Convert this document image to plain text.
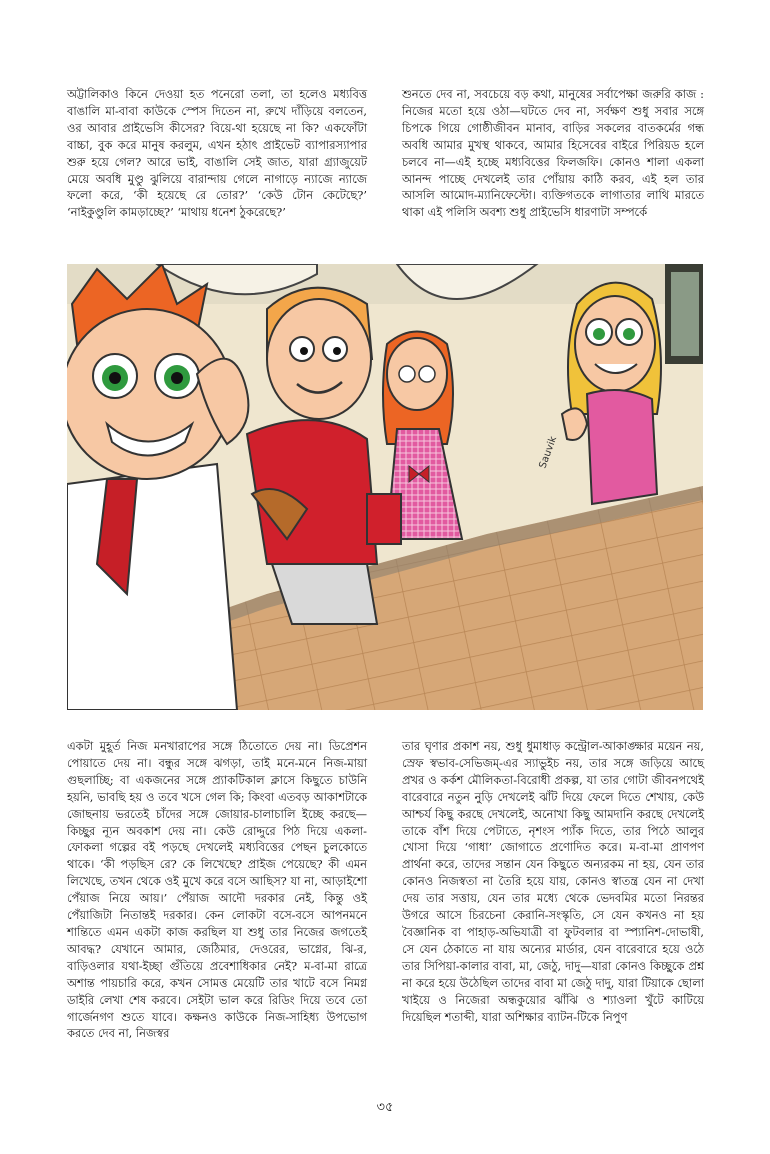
অট্টালিকাও কিনে দেওয়া হত পনেরো তলা, তা হলেও মধ্যবিত্ত বাঙালি মা-বাবা কাউকে স্পেস দিতেন না, রুখে দাঁড়িয়ে বলতেন, ওর আবার প্রাইভেসি কীসের? বিয়ে-থা হয়েছে না কি? একফোঁটা বাচ্চা, বুক করে মানুষ করলুম, এখন হঠাৎ প্রাইভেট ব্যাপারস্যাপার শুরু হয়ে গেল? আরে ভাই, বাঙালি সেই জাত, যারা গ্র্যাজুয়েট মেয়ে অবধি মুণ্ডু ঝুলিয়ে বারান্দায় গেলে নাগাড়ে ন্যাজে ন্যাজে ফলো করে, ‘কী হয়েছে রে তোর?’ ‘কেউ টোন কেটেছে?’ ‘নাইকুণ্ডুলি কামড়াচ্ছে?’ ‘মাথায় ধনেশ ঠুকরেছে?’

শুনতে দেব না, সবচেয়ে বড় কথা, মানুষের সর্বাপেক্ষা জরুরি কাজ : নিজের মতো হয়ে ওঠা—ঘটতে দেব না, সর্বক্ষণ শুধু সবার সঙ্গে চিপকে গিয়ে গোষ্ঠীজীবন মানাব, বাড়ির সকলের বাতকর্মের গন্ধ অবধি আমার মুখস্থ থাকবে, আমার হিসেবের বাইরে পিরিয়ড হলে চলবে না—এই হচ্ছে মধ্যবিত্তের ফিলজফি। কোনও শালা একলা আনন্দ পাচ্ছে দেখলেই তার পোঁয়ায় কাঠি করব, এই হল তার আসলি আমোদ-ম্যানিফেস্টো। ব্যক্তিগতকে লাগাতার লাথি মারতে থাকা এই পলিসি অবশ্য শুধু প্রাইভেসি ধারণাটা সম্পর্কে

Sauvik

একটা মুহূর্ত নিজ মনখারাপের সঙ্গে ঠিতোতে দেয় না। ডিপ্রেশন পোয়াতে দেয় না। বন্ধুর সঙ্গে ঝগড়া, তাই মনে-মনে নিজ-মায়া গুছলাচ্ছি; বা একজনের সঙ্গে প্র্যাকটিকাল ক্লাসে কিছুতে চাউনি হয়নি, ভাবছি হয় ও তবে খসে গেল কি; কিংবা এতবড় আকাশটাকে জোছনায় ভরতেই চাঁদের সঙ্গে জোয়ার-চালাচালি ইচ্ছে করছে—কিচ্ছুর ন্যূন অবকাশ দেয় না। কেউ রোদ্দুরে পিঠ দিয়ে একলা-ফোকলা গল্পের বই পড়ছে দেখলেই মধ্যবিত্তের পেছন চুলকোতে থাকে। ‘কী পড়ছিস রে? কে লিখেছে? প্রাইজ পেয়েছে? কী এমন লিখেছে, তখন থেকে ওই মুখে করে বসে আছিস? যা না, আড়াইশো পেঁয়াজ নিয়ে আয়।’ পেঁয়াজ আদৌ দরকার নেই, কিন্তু ওই পেঁয়াজিটা নিতান্তই দরকার। কেন লোকটা বসে-বসে আপনমনে শান্তিতে এমন একটা কাজ করছিল যা শুধু তার নিজের জগতেই আবদ্ধ? যেখানে আমার, জেঠিমার, দেওরের, ভাগ্নের, ঝি-র, বাড়িওলার যথা-ইচ্ছা গুঁতিয়ে প্রবেশাধিকার নেই? ম-বা-মা রাত্রে অশান্ত পায়চারি করে, কখন সোমত্ত মেয়েটি তার খাটে বসে নিমগ্ন ডাইরি লেখা শেষ করবে। সেইটা ভাল করে রিডিং দিয়ে তবে তো গার্জেনগণ শুতে যাবে। কক্ষনও কাউকে নিজ-সাহিধ্য উপভোগ করতে দেব না, নিজস্বর

তার ঘৃণার প্রকাশ নয়, শুধু ধুমাধাড় কন্ট্রোল-আকাঙ্ক্ষার ময়েন নয়, স্রেফ স্বভাব-সেভিজম্-এর স্যাভুইচ নয়, তার সঙ্গে জড়িয়ে আছে প্রখর ও কর্কশ মৌলিকতা-বিরোধী প্রকল্প, যা তার গোটা জীবনপথেই বারেবারে নতুন নুড়ি দেখলেই ঝাঁট দিয়ে ফেলে দিতে শেখায়, কেউ আশ্চর্য কিছু করছে দেখলেই, অনোখা কিছু আমদানি করছে দেখলেই তাকে বাঁশ দিয়ে পেটাতে, নৃশংস প্যাঁক দিতে, তার পিঠে আলুর খোসা দিয়ে ‘গাধা’ জোগাতে প্রণোদিত করে। ম-বা-মা প্রাণপণ প্রার্থনা করে, তাদের সন্তান যেন কিছুতে অন্যরকম না হয়, যেন তার কোনও নিজস্বতা না তৈরি হয়ে যায়, কোনও স্বাতন্ত্র যেন না দেখা দেয় তার সত্তায়, যেন তার মধ্যে থেকে ভেদবমির মতো নিরন্তর উগরে আসে চিরচেনা কেরানি-সংস্কৃতি, সে যেন কখনও না হয় বৈজ্ঞানিক বা পাহাড়-অভিযাত্রী বা ফুটবলার বা স্প্যানিশ-দোভাষী, সে যেন ঠেকাতে না যায় অন্যের মার্ডার, যেন বারেবারে হয়ে ওঠে তার সিপিয়া-কালার বাবা, মা, জেঠু, দাদু—যারা কোনও কিচ্ছুকে প্রশ্ন না করে হয়ে উঠেছিল তাদের বাবা মা জেঠু দাদু, যারা টিয়াকে ছোলা খাইয়ে ও নিজেরা অন্ধকুয়োর ঝাঁঝি ও শ্যাওলা খুঁটে কাটিয়ে দিয়েছিল শতাব্দী, যারা অশিক্ষার ব্যাটন-টিকে নিপুণ

৩৫
